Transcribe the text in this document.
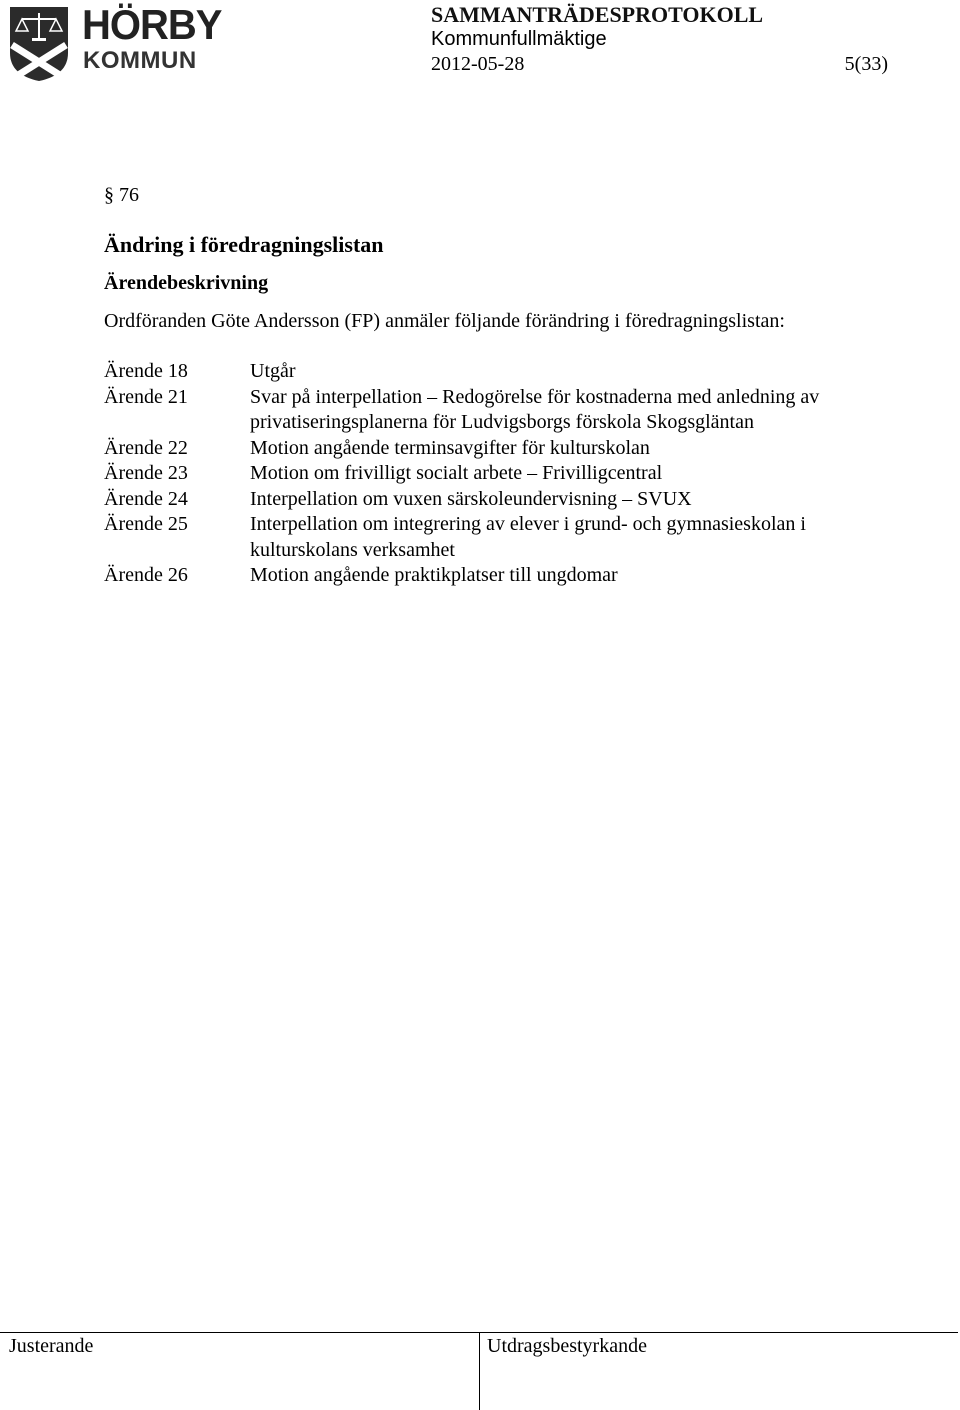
HÖRBY
KOMMUN
SAMMANTRÄDESPROTOKOLL
Kommunfullmäktige
2012-05-28	5(33)
§ 76
Ändring i föredragningslistan
Ärendebeskrivning
Ordföranden Göte Andersson (FP) anmäler följande förändring i föredragningslistan:
Ärende 18	Utgår
Ärende 21	Svar på interpellation – Redogörelse för kostnaderna med anledning av privatiseringsplanerna för Ludvigsborgs förskola Skogsgläntan
Ärende 22	Motion angående terminsavgifter för kulturskolan
Ärende 23	Motion om frivilligt socialt arbete – Frivilligcentral
Ärende 24	Interpellation om vuxen särskoleundervisning – SVUX
Ärende 25	Interpellation om integrering av elever i grund- och gymnasieskolan i kulturskolans verksamhet
Ärende 26	Motion angående praktikplatser till ungdomar
Justerande	Utdragsbestyrkande
